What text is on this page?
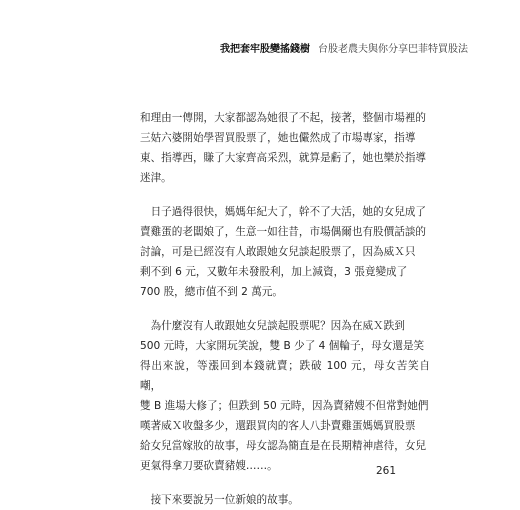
我把套牢股變搖錢樹 台股老農夫與你分享巴菲特買股法

和理由一傳開，大家都認為她很了不起，接著，整個市場裡的
三姑六婆開始學習買股票了，她也儼然成了市場專家，指導
東、指導西，賺了大家齊高采烈，就算是虧了，她也樂於指導
迷津。

　日子過得很快，媽媽年紀大了，幹不了大活，她的女兒成了
賣雞蛋的老闆娘了，生意一如往昔，市場偶爾也有股價話談的
討論，可是已經沒有人敢跟她女兒談起股票了，因為威Ｘ只
剩不到 6 元，又數年未發股利，加上減資，3 張竟變成了
700 股，總市值不到 2 萬元。

　為什麼沒有人敢跟她女兒談起股票呢？因為在威Ｘ跌到
500 元時，大家開玩笑說，雙 B 少了 4 個輪子，母女還是笑
得出來說，等漲回到本錢就賣；跌破 100 元，母女苦笑自嘲，
雙 B 進場大修了；但跌到 50 元時，因為賣豬嫂不但常對她們
嘆著威Ｘ收盤多少，還跟買肉的客人八卦賣雞蛋媽媽買股票
給女兒當嫁妝的故事，母女認為簡直是在長期精神虐待，女兒
更氣得拿刀要砍賣豬嫂……。

　接下來要說另一位新娘的故事。

261
